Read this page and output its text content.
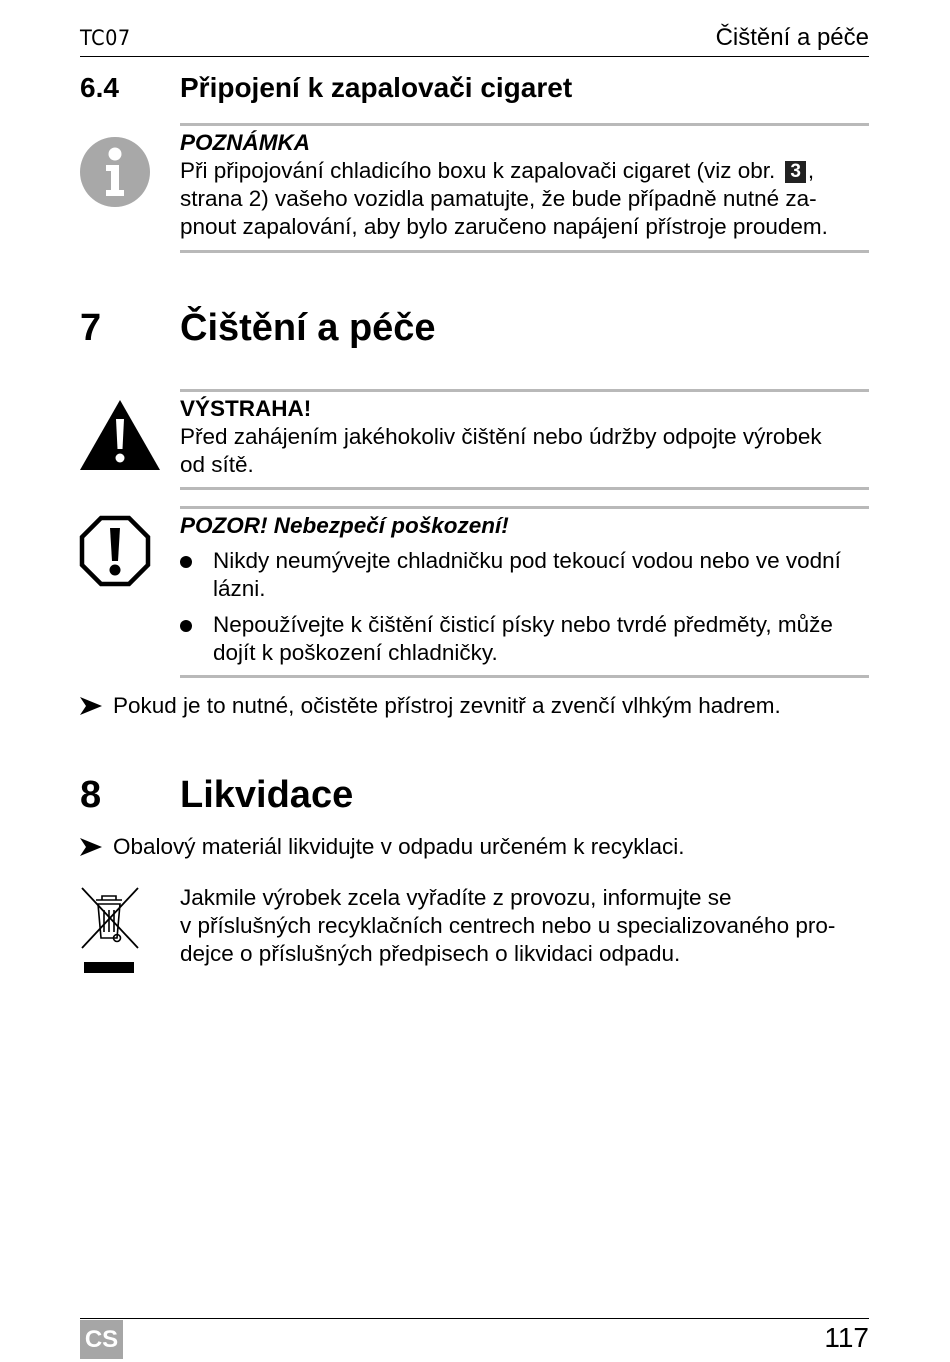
TC07	Čištění a péče
6.4 Připojení k zapalovači cigaret
POZNÁMKA
Při připojování chladicího boxu k zapalovači cigaret (viz obr. 3 ,
strana 2) vašeho vozidla pamatujte, že bude případně nutné za-
pnout zapalování, aby bylo zaručeno napájení přístroje proudem.
7 Čištění a péče
VÝSTRAHA!
Před zahájením jakéhokoliv čištění nebo údržby odpojte výrobek
od sítě.
POZOR! Nebezpečí poškození!
Nikdy neumývejte chladničku pod tekoucí vodou nebo ve vodní
lázni.
Nepoužívejte k čištění čisticí písky nebo tvrdé předměty, může
dojít k poškození chladničky.
Pokud je to nutné, očistěte přístroj zevnitř a zvenčí vlhkým hadrem.
8 Likvidace
Obalový materiál likvidujte v odpadu určeném k recyklaci.
Jakmile výrobek zcela vyřadíte z provozu, informujte se
v příslušných recyklačních centrech nebo u specializovaného pro-
dejce o příslušných předpisech o likvidaci odpadu.
CS	117
